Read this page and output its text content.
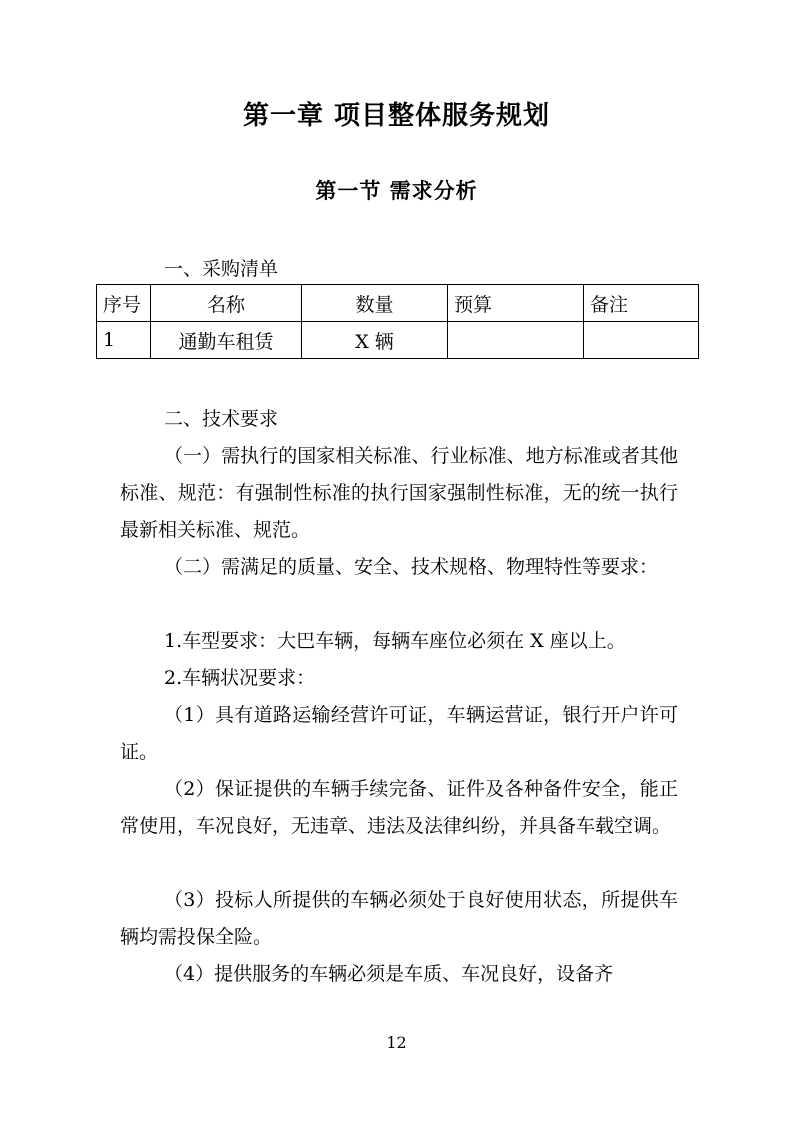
第一章 项目整体服务规划
第一节 需求分析
一、采购清单
序号	名称	数量	预算	备注
1	通勤车租赁	X 辆		
二、技术要求

（一）需执行的国家相关标准、行业标准、地方标准或者其他标准、规范：有强制性标准的执行国家强制性标准，无的统一执行最新相关标准、规范。

（二）需满足的质量、安全、技术规格、物理特性等要求：

1.车型要求：大巴车辆，每辆车座位必须在 X 座以上。

2.车辆状况要求：

（1）具有道路运输经营许可证，车辆运营证，银行开户许可证。

（2）保证提供的车辆手续完备、证件及各种备件安全，能正常使用，车况良好，无违章、违法及法律纠纷，并具备车载空调。

（3）投标人所提供的车辆必须处于良好使用状态，所提供车辆均需投保全险。

（4）提供服务的车辆必须是车质、车况良好，设备齐

12
